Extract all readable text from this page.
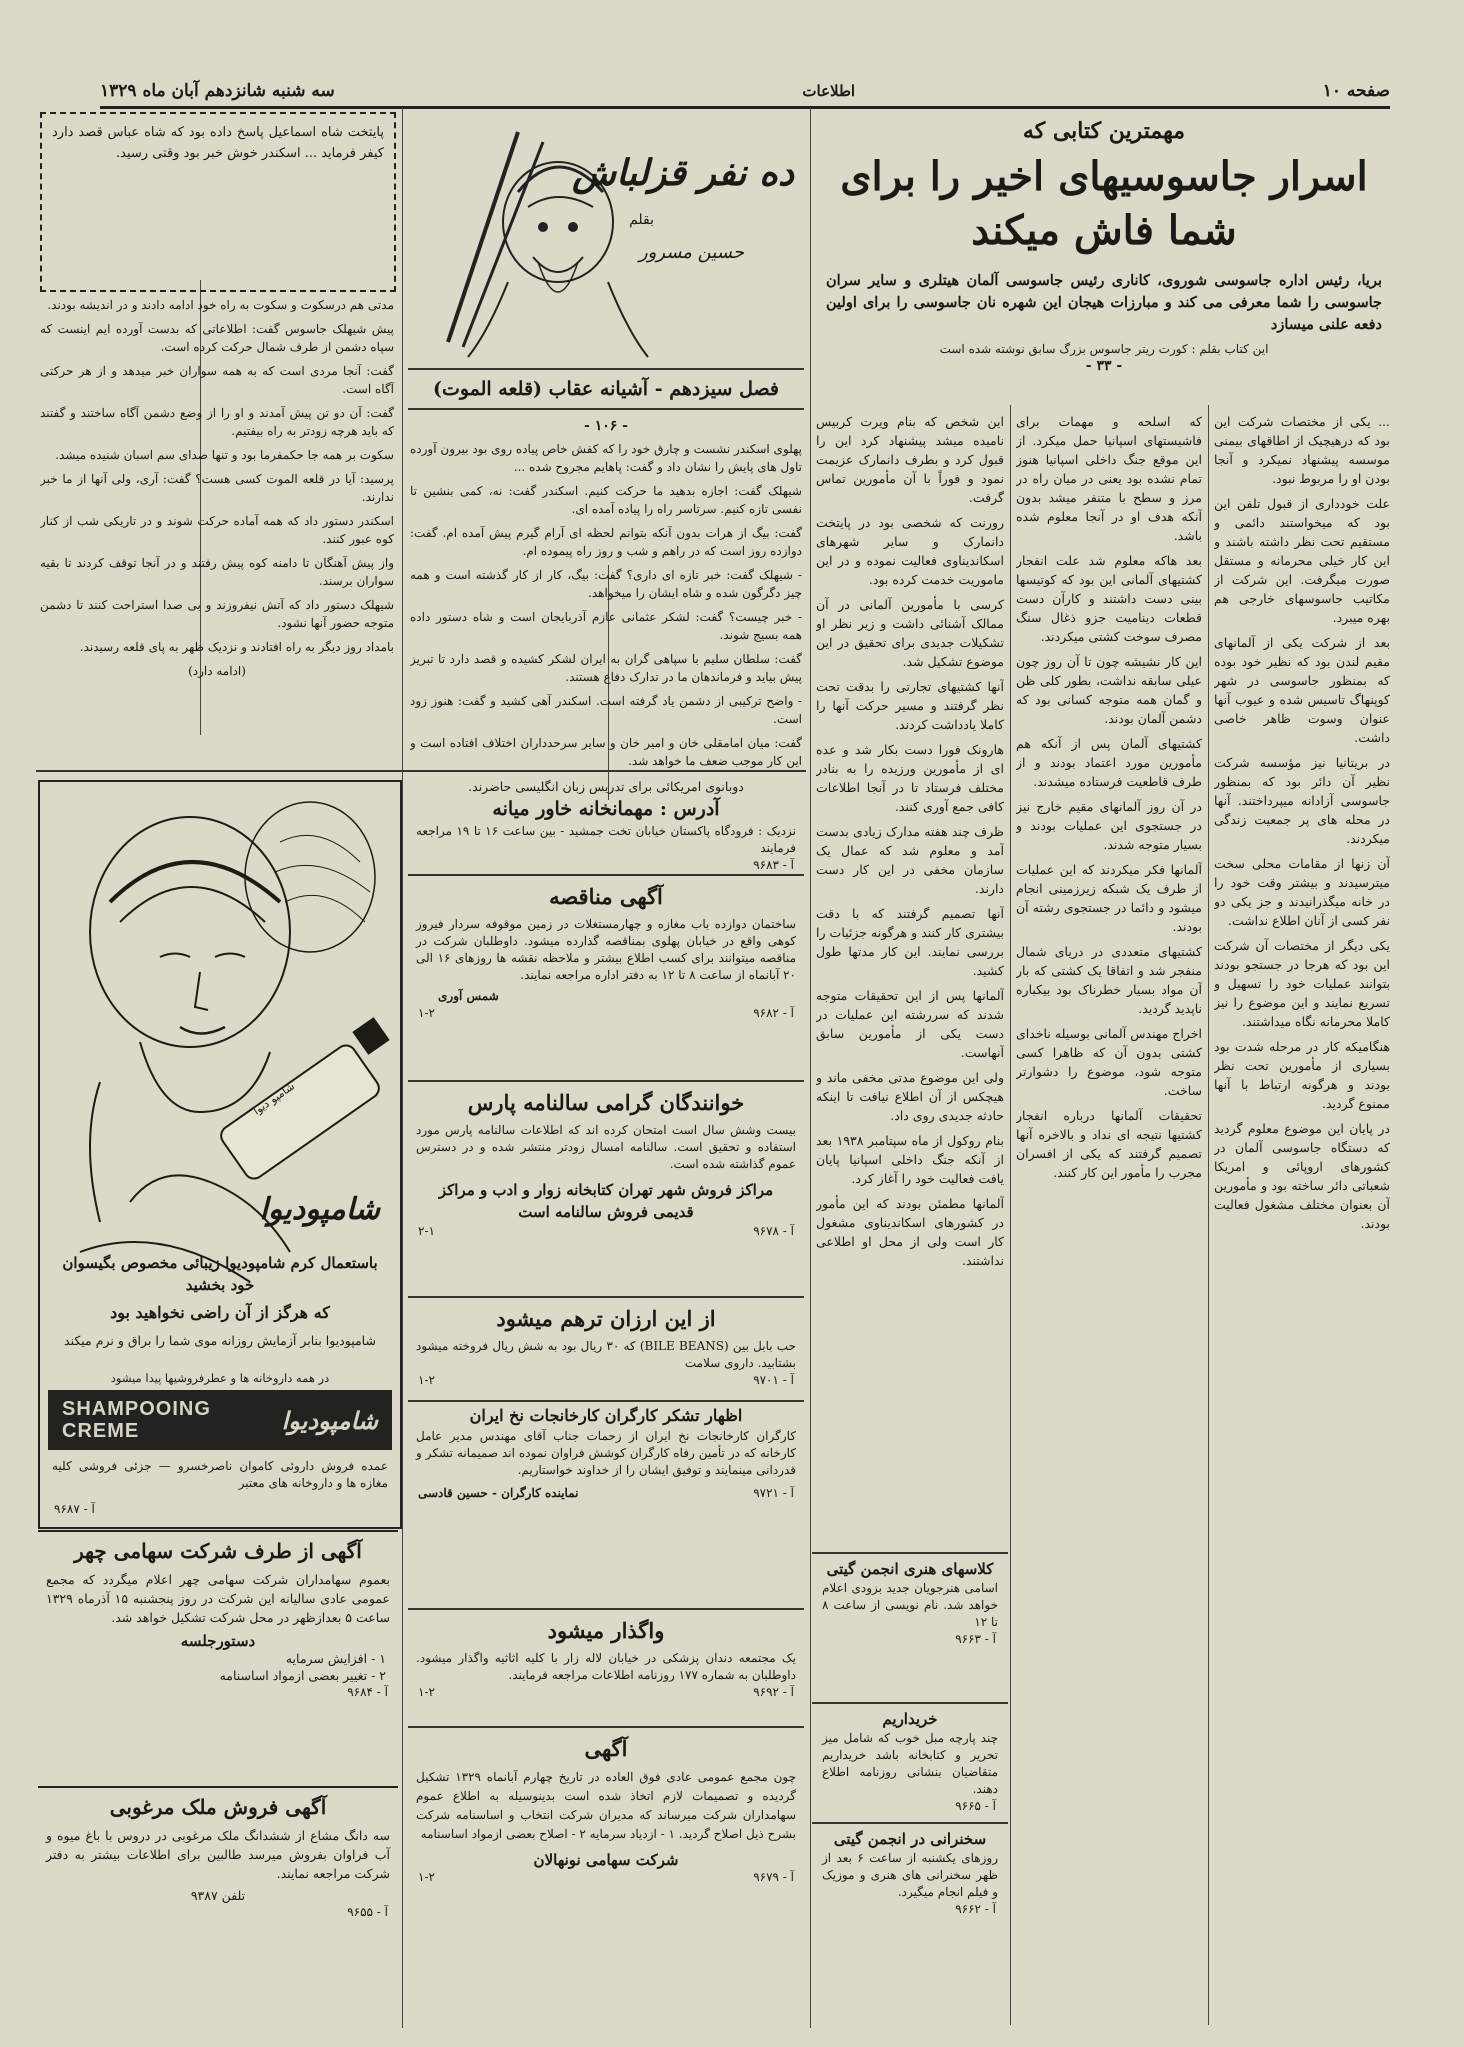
صفحه ۱۰
اطلاعات
سه شنبه شانزدهم آبان ماه ۱۳۲۹
مهمترین کتابی که
اسرار جاسوسیهای اخیر را برای
شما فاش میکند
بریا، رئیس اداره جاسوسی شوروی، کاناری رئیس جاسوسی آلمان هیتلری و سایر سران جاسوسی را شما معرفی می کند و مبارزات هیجان این شهره نان جاسوسی را برای اولین دفعه علنی میسازد
این کتاب بقلم : کورت ریتر جاسوس بزرگ سابق نوشته شده است
- ۳۳ -

... یکی از مختصات شرکت این بود که درهیچیک از اطاقهای بیمنی موسسه پیشنهاد نمیکرد و آنجا بودن او را مربوط نبود.

علت خودداری از قبول تلفن این بود که میخواستند دائمی و مستقیم تحت نظر داشته باشند و این کار خیلی محرمانه و مستقل صورت میگرفت. این شرکت از مکاتیب جاسوسهای خارجی هم بهره میبرد.

بعد از شرکت یکی از آلمانهای مقیم لندن بود که نظیر خود بوده که بمنظور جاسوسی در شهر کوپنهاگ تاسیس شده و عیوب آنها عنوان وسوت ظاهر خاصی داشت.

در بریتانیا نیز مؤسسه شرکت نظیر آن دائر بود که بمنظور جاسوسی آزادانه میپرداختند. آنها در محله های پر جمعیت زندگی میکردند.

آن زنها از مقامات محلی سخت میترسیدند و بیشتر وقت خود را در خانه میگذرانیدند و جز یکی دو نفر کسی از آنان اطلاع نداشت.

یکی دیگر از مختصات آن شرکت این بود که هرجا در جستجو بودند بتوانند عملیات خود را تسهیل و تسریع نمایند و این موضوع را نیز کاملا محرمانه نگاه میداشتند.

هنگامیکه کار در مرحله شدت بود بسیاری از مأمورین تحت نظر بودند و هرگونه ارتباط با آنها ممنوع گردید.

در پایان این موضوع معلوم گردید که دستگاه جاسوسی آلمان در کشورهای اروپائی و امریکا شعباتی دائر ساخته بود و مأمورین آن بعنوان مختلف مشغول فعالیت بودند.

که اسلحه و مهمات برای فاشیستهای اسپانیا حمل میکرد. از این موقع جنگ داخلی اسپانیا هنوز تمام نشده بود یعنی در میان راه در مرز و سطح با متنفر میشد بدون آنکه هدف او در آنجا معلوم شده باشد.

بعد هاکه معلوم شد علت انفجار کشتیهای آلمانی این بود که کوتیسها بینی دست داشتند و کارآن دست قطعات دینامیت جزو ذغال سنگ مصرف سوخت کشتی میکردند.

این کار نشیشه چون تا آن روز چون عیلی سابقه نداشت، بطور کلی ظن و گمان همه متوجه کسانی بود که دشمن آلمان بودند.

کشتیهای آلمان پس از آنکه هم مأمورین مورد اعتماد بودند و از طرف قاطعیت فرستاده میشدند.

در آن روز آلمانهای مقیم خارج نیز در جستجوی این عملیات بودند و بسیار متوجه شدند.

آلمانها فکر میکردند که این عملیات از طرف یک شبکه زیرزمینی انجام میشود و دائما در جستجوی رشته آن بودند.

کشتیهای متعددی در دریای شمال منفجر شد و اتفاقا یک کشتی که بار آن مواد بسیار خطرناک بود بیکباره ناپدید گردید.

اخراج مهندس آلمانی بوسیله ناخدای کشتی بدون آن که ظاهرا کسی متوجه شود، موضوع را دشوارتر ساخت.

تحقیقات آلمانها درباره انفجار کشتیها نتیجه ای نداد و بالاخره آنها تصمیم گرفتند که یکی از افسران مجرب را مأمور این کار کنند.

این شخص که بنام ویرت کربیس نامیده میشد پیشنهاد کرد این را قبول کرد و بطرف دانمارک عزیمت نمود و فوراً با آن مأمورین تماس گرفت.

رورنت که شخصی بود در پایتخت دانمارک و سایر شهرهای اسکاندیناوی فعالیت نموده و در این ماموریت خدمت کرده بود.

کرسی با مأمورین آلمانی در آن ممالک آشنائی داشت و زیر نظر او تشکیلات جدیدی برای تحقیق در این موضوع تشکیل شد.

آنها کشتیهای تجارتی را بدقت تحت نظر گرفتند و مسیر حرکت آنها را کاملا یادداشت کردند.

هارونک فورا دست بکار شد و عده ای از مأمورین ورزیده را به بنادر مختلف فرستاد تا در آنجا اطلاعات کافی جمع آوری کنند.

ظرف چند هفته مدارک زیادی بدست آمد و معلوم شد که عمال یک سازمان مخفی در این کار دست دارند.

آنها تصمیم گرفتند که با دقت بیشتری کار کنند و هرگونه جزئیات را بررسی نمایند. این کار مدتها طول کشید.

آلمانها پس از این تحقیقات متوجه شدند که سررشته این عملیات در دست یکی از مأمورین سابق آنهاست.

ولی این موضوع مدتی مخفی ماند و هیچکس از آن اطلاع نیافت تا اینکه حادثه جدیدی روی داد.

بنام روکول از ماه سپتامبر ۱۹۳۸ بعد از آنکه جنگ داخلی اسپانیا پایان یافت فعالیت خود را آغاز کرد.

آلمانها مطمئن بودند که این مأمور در کشورهای اسکاندیناوی مشغول کار است ولی از محل او اطلاعی نداشتند.

کلاسهای هنری انجمن گیتی
اسامی هنرجویان جدید بزودی اعلام خواهد شد. نام نویسی از ساعت ۸ تا ۱۲
آ - ۹۶۶۳
خریداریم
چند پارچه مبل خوب که شامل میز تحریر و کتابخانه باشد خریداریم متقاضیان بنشانی روزنامه اطلاع دهند.
آ - ۹۶۶۵
سخنرانی در انجمن گیتی
روزهای یکشنبه از ساعت ۶ بعد از ظهر سخنرانی های هنری و موزیک و فیلم انجام میگیرد.
آ - ۹۶۶۲
ده نفر قزلباش
بقلم
حسین مسرور
فصل سیزدهم - آشیانه عقاب (قلعه الموت)
- ۱۰۶ -

پهلوی اسکندر نشست و چارق خود را که کفش خاص پیاده روی بود بیرون آورده تاول های پایش را نشان داد و گفت: پاهایم مجروح شده ...

شیهلک گفت: اجازه بدهید ما حرکت کنیم. اسکندر گفت: نه، کمی بنشین تا نفسی تازه کنیم. سرتاسر راه را پیاده آمده ای.

گفت: بیگ از هرات بدون آنکه بتوانم لحظه ای آرام گیرم پیش آمده ام. گفت: دوازده روز است که در راهم و شب و روز راه پیموده ام.

- شیهلک گفت: خبر تازه ای داری؟ گفت: بیگ، کار از کار گذشته است و همه چیز دگرگون شده و شاه ایشان را میخواهد.

- خبر چیست؟ گفت: لشکر عثمانی عازم آذربایجان است و شاه دستور داده همه بسیج شوند.

گفت: سلطان سلیم با سپاهی گران به ایران لشکر کشیده و قصد دارد تا تبریز پیش بیاید و فرماندهان ما در تدارک دفاع هستند.

- واضح ترکیبی از دشمن یاد گرفته است. اسکندر آهی کشید و گفت: هنوز زود است.

گفت: میان امامقلی خان و امیر خان و سایر سرحدداران اختلاف افتاده است و این کار موجب ضعف ما خواهد شد.

پایتخت شاه اسماعیل پاسخ داده بود که شاه عباس قصد دارد کیفر فرماید ... اسکندر خوش خبر بود وقتی رسید.

مدتی هم درسکوت و سکوت به راه خود ادامه دادند و در اندیشه بودند.

پیش شیهلک جاسوس گفت: اطلاعاتی که بدست آورده ایم اینست که سپاه دشمن از طرف شمال حرکت کرده است.

گفت: آنجا مردی است که به همه سواران خبر میدهد و از هر حرکتی آگاه است.

گفت: آن دو تن پیش آمدند و او را از وضع دشمن آگاه ساختند و گفتند که باید هرچه زودتر به راه بیفتیم.

سکوت بر همه جا حکمفرما بود و تنها صدای سم اسبان شنیده میشد.

پرسید: آیا در قلعه الموت کسی هست؟ گفت: آری، ولی آنها از ما خبر ندارند.

اسکندر دستور داد که همه آماده حرکت شوند و در تاریکی شب از کنار کوه عبور کنند.

واز پیش آهنگان تا دامنه کوه پیش رفتند و در آنجا توقف کردند تا بقیه سواران برسند.

شیهلک دستور داد که آتش نیفروزند و بی صدا استراحت کنند تا دشمن متوجه حضور آنها نشود.

بامداد روز دیگر به راه افتادند و نزدیک ظهر به پای قلعه رسیدند.

(ادامه دارد)

شامپو دیوا
شامپودیوا
باستعمال کرم شامپودیوا زیبائی مخصوص بگیسوان خود بخشید
که هرگز از آن راضی نخواهید بود
شامپودیوا بنابر آزمایش روزانه موی شما را براق و نرم میکند
در همه داروخانه ها و عطرفروشیها پیدا میشود
SHAMPOOING
CREME	شامپودیوا
عمده فروش داروئی کاموان ناصرخسرو — جزئی فروشی کلیه مغازه ها و داروخانه های معتبر
آ - ۹۶۸۷
آگهی از طرف شرکت سهامی چهر
بعموم سهامداران شرکت سهامی چهر اعلام میگردد که مجمع عمومی عادی سالیانه این شرکت در روز پنجشنبه ۱۵ آذرماه ۱۳۲۹ ساعت ۵ بعدازظهر در محل شرکت تشکیل خواهد شد.
دستورجلسه
۱ - افزایش سرمایه
۲ - تغییر بعضی ازمواد اساسنامه
آ - ۹۶۸۴
آگهی فروش ملک مرغوبی
سه دانگ مشاع از ششدانگ ملک مرغوبی در دروس با باغ میوه و آب فراوان بفروش میرسد طالبین برای اطلاعات بیشتر به دفتر شرکت مراجعه نمایند.
تلفن ۹۳۸۷
آ - ۹۶۵۵
دوبانوی امریکائی برای تدریس زبان انگلیسی حاضرند.
آدرس : مهمانخانه خاور میانه
نزدیک : فرودگاه پاکستان خیابان تخت جمشید - بین ساعت ۱۶ تا ۱۹ مراجعه فرمایند
آ - ۹۶۸۳
آگهی مناقصه
ساختمان دوازده باب مغازه و چهارمستغلات در زمین موقوفه سردار فیروز کوهی واقع در خیابان پهلوی بمناقصه گذارده میشود. داوطلبان شرکت در مناقصه میتوانند برای کسب اطلاع بیشتر و ملاحظه نقشه ها روزهای ۱۶ الی ۲۰ آبانماه از ساعت ۸ تا ۱۲ به دفتر اداره مراجعه نمایند.
شمس آوری
آ - ۹۶۸۲
۱-۲
خوانندگان گرامی سالنامه پارس
بیست وشش سال است امتحان کرده اند که اطلاعات سالنامه پارس مورد استفاده و تحقیق است. سالنامه امسال زودتر منتشر شده و در دسترس عموم گذاشته شده است.
مراکز فروش شهر تهران کتابخانه زوار و ادب و مراکز قدیمی فروش سالنامه است
آ - ۹۶۷۸
۲-۱
از این ارزان ترهم میشود
حب بابل بین (BILE BEANS) که ۳۰ ریال بود به شش ریال فروخته میشود بشتابید. داروی سلامت
آ - ۹۷۰۱
۱-۲
اظهار تشکر کارگران کارخانجات نخ ایران
کارگران کارخانجات نخ ایران از زحمات جناب آقای مهندس مدیر عامل کارخانه که در تأمین رفاه کارگران کوشش فراوان نموده اند صمیمانه تشکر و قدردانی مینمایند و توفیق ایشان را از خداوند خواستاریم.
آ - ۹۷۲۱
نماینده کارگران - حسین قادسی
واگذار میشود
یک مجتمعه دندان پزشکی در خیابان لاله زار با کلیه اثاثیه واگذار میشود. داوطلبان به شماره ۱۷۷ روزنامه اطلاعات مراجعه فرمایند.
آ - ۹۶۹۲
۱-۲
آگهی
چون مجمع عمومی عادی فوق العاده در تاریخ چهارم آبانماه ۱۳۲۹ تشکیل گردیده و تصمیمات لازم اتخاذ شده است بدینوسیله به اطلاع عموم سهامداران شرکت میرساند که مدیران شرکت انتخاب و اساسنامه شرکت بشرح ذیل اصلاح گردید. ۱ - ازدیاد سرمایه ۲ - اصلاح بعضی ازمواد اساسنامه
شرکت سهامی نونهالان
آ - ۹۶۷۹
۱-۲
